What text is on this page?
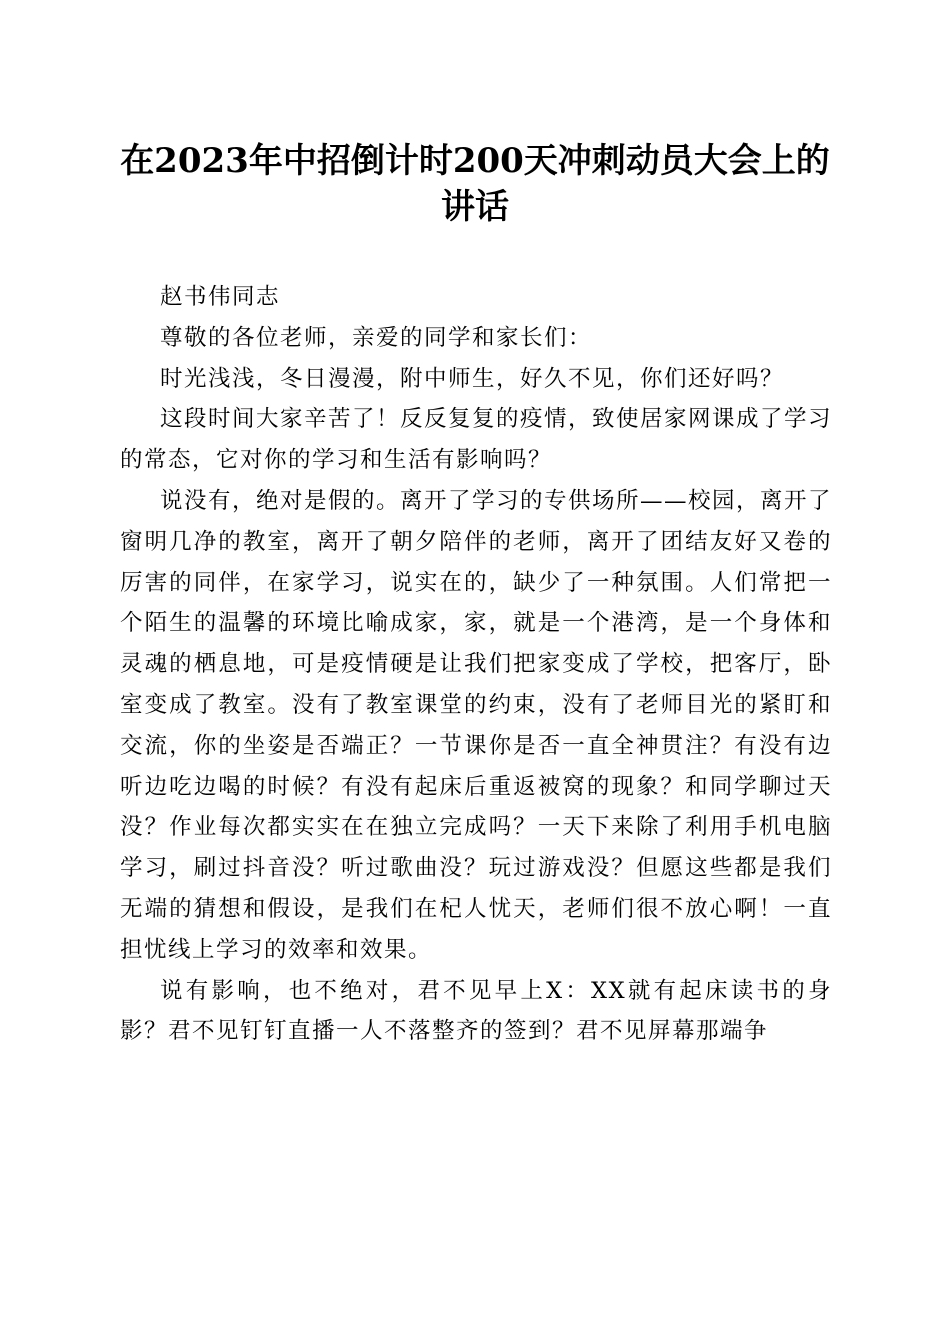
在2023年中招倒计时200天冲刺动员大会上的讲话

赵书伟同志

尊敬的各位老师，亲爱的同学和家长们：

时光浅浅，冬日漫漫，附中师生，好久不见，你们还好吗？

这段时间大家辛苦了！反反复复的疫情，致使居家网课成了学习的常态，它对你的学习和生活有影响吗？

说没有，绝对是假的。离开了学习的专供场所——校园，离开了窗明几净的教室，离开了朝夕陪伴的老师，离开了团结友好又卷的厉害的同伴，在家学习，说实在的，缺少了一种氛围。人们常把一个陌生的温馨的环境比喻成家，家，就是一个港湾，是一个身体和灵魂的栖息地，可是疫情硬是让我们把家变成了学校，把客厅，卧室变成了教室。没有了教室课堂的约束，没有了老师目光的紧盯和交流，你的坐姿是否端正？一节课你是否一直全神贯注？有没有边听边吃边喝的时候？有没有起床后重返被窝的现象？和同学聊过天没？作业每次都实实在在独立完成吗？一天下来除了利用手机电脑学习，刷过抖音没？听过歌曲没？玩过游戏没？但愿这些都是我们无端的猜想和假设，是我们在杞人忧天，老师们很不放心啊！一直担忧线上学习的效率和效果。

说有影响，也不绝对，君不见早上X：XX就有起床读书的身影？君不见钉钉直播一人不落整齐的签到？君不见屏幕那端争
